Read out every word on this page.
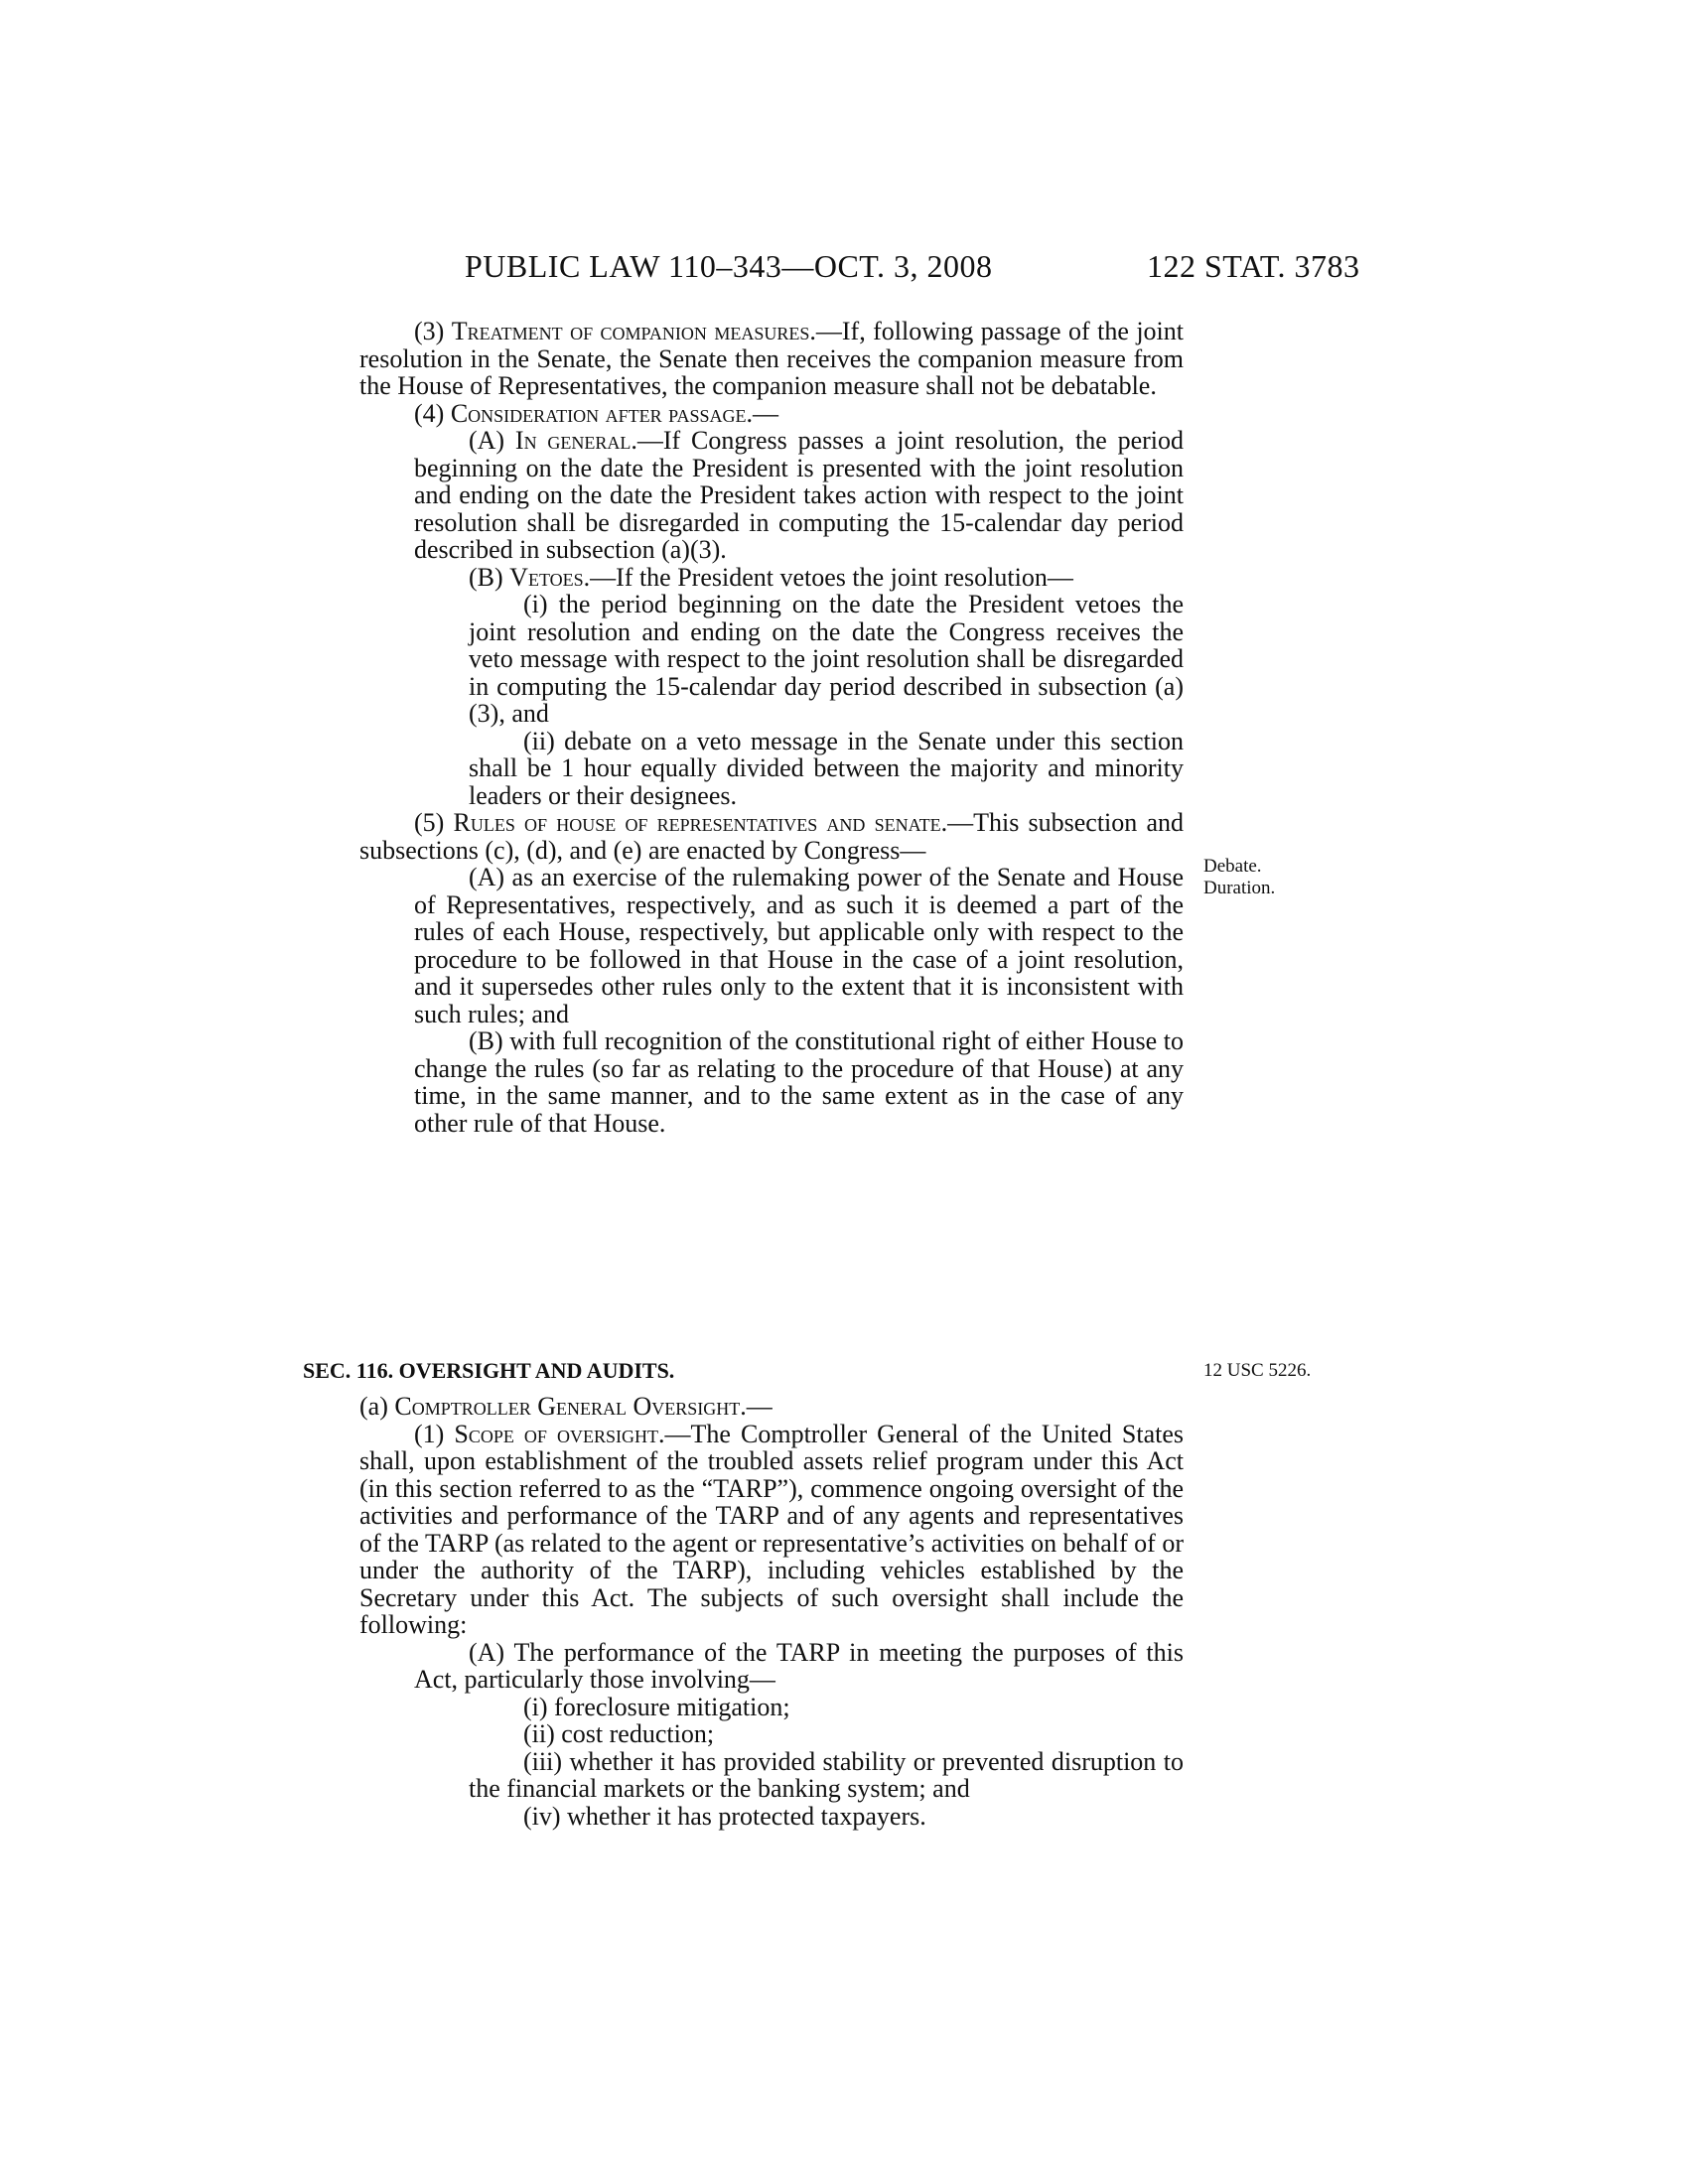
PUBLIC LAW 110–343—OCT. 3, 2008	122 STAT. 3783

(3) Treatment of companion measures.—If, following passage of the joint resolution in the Senate, the Senate then receives the companion measure from the House of Representatives, the companion measure shall not be debatable.

(4) Consideration after passage.—

(A) In general.—If Congress passes a joint resolution, the period beginning on the date the President is presented with the joint resolution and ending on the date the President takes action with respect to the joint resolution shall be disregarded in computing the 15-calendar day period described in subsection (a)(3).

(B) Vetoes.—If the President vetoes the joint resolution—

(i) the period beginning on the date the President vetoes the joint resolution and ending on the date the Congress receives the veto message with respect to the joint resolution shall be disregarded in computing the 15-calendar day period described in subsection (a)(3), and

(ii) debate on a veto message in the Senate under this section shall be 1 hour equally divided between the majority and minority leaders or their designees.

(5) Rules of house of representatives and senate.—This subsection and subsections (c), (d), and (e) are enacted by Congress—

(A) as an exercise of the rulemaking power of the Senate and House of Representatives, respectively, and as such it is deemed a part of the rules of each House, respectively, but applicable only with respect to the procedure to be followed in that House in the case of a joint resolution, and it supersedes other rules only to the extent that it is inconsistent with such rules; and

(B) with full recognition of the constitutional right of either House to change the rules (so far as relating to the procedure of that House) at any time, in the same manner, and to the same extent as in the case of any other rule of that House.

Debate.
Duration.
SEC. 116. OVERSIGHT AND AUDITS.	12 USC 5226.

(a) Comptroller General Oversight.—

(1) Scope of oversight.—The Comptroller General of the United States shall, upon establishment of the troubled assets relief program under this Act (in this section referred to as the “TARP”), commence ongoing oversight of the activities and performance of the TARP and of any agents and representatives of the TARP (as related to the agent or representative’s activities on behalf of or under the authority of the TARP), including vehicles established by the Secretary under this Act. The subjects of such oversight shall include the following:

(A) The performance of the TARP in meeting the purposes of this Act, particularly those involving—

(i) foreclosure mitigation;

(ii) cost reduction;

(iii) whether it has provided stability or prevented disruption to the financial markets or the banking system; and

(iv) whether it has protected taxpayers.
